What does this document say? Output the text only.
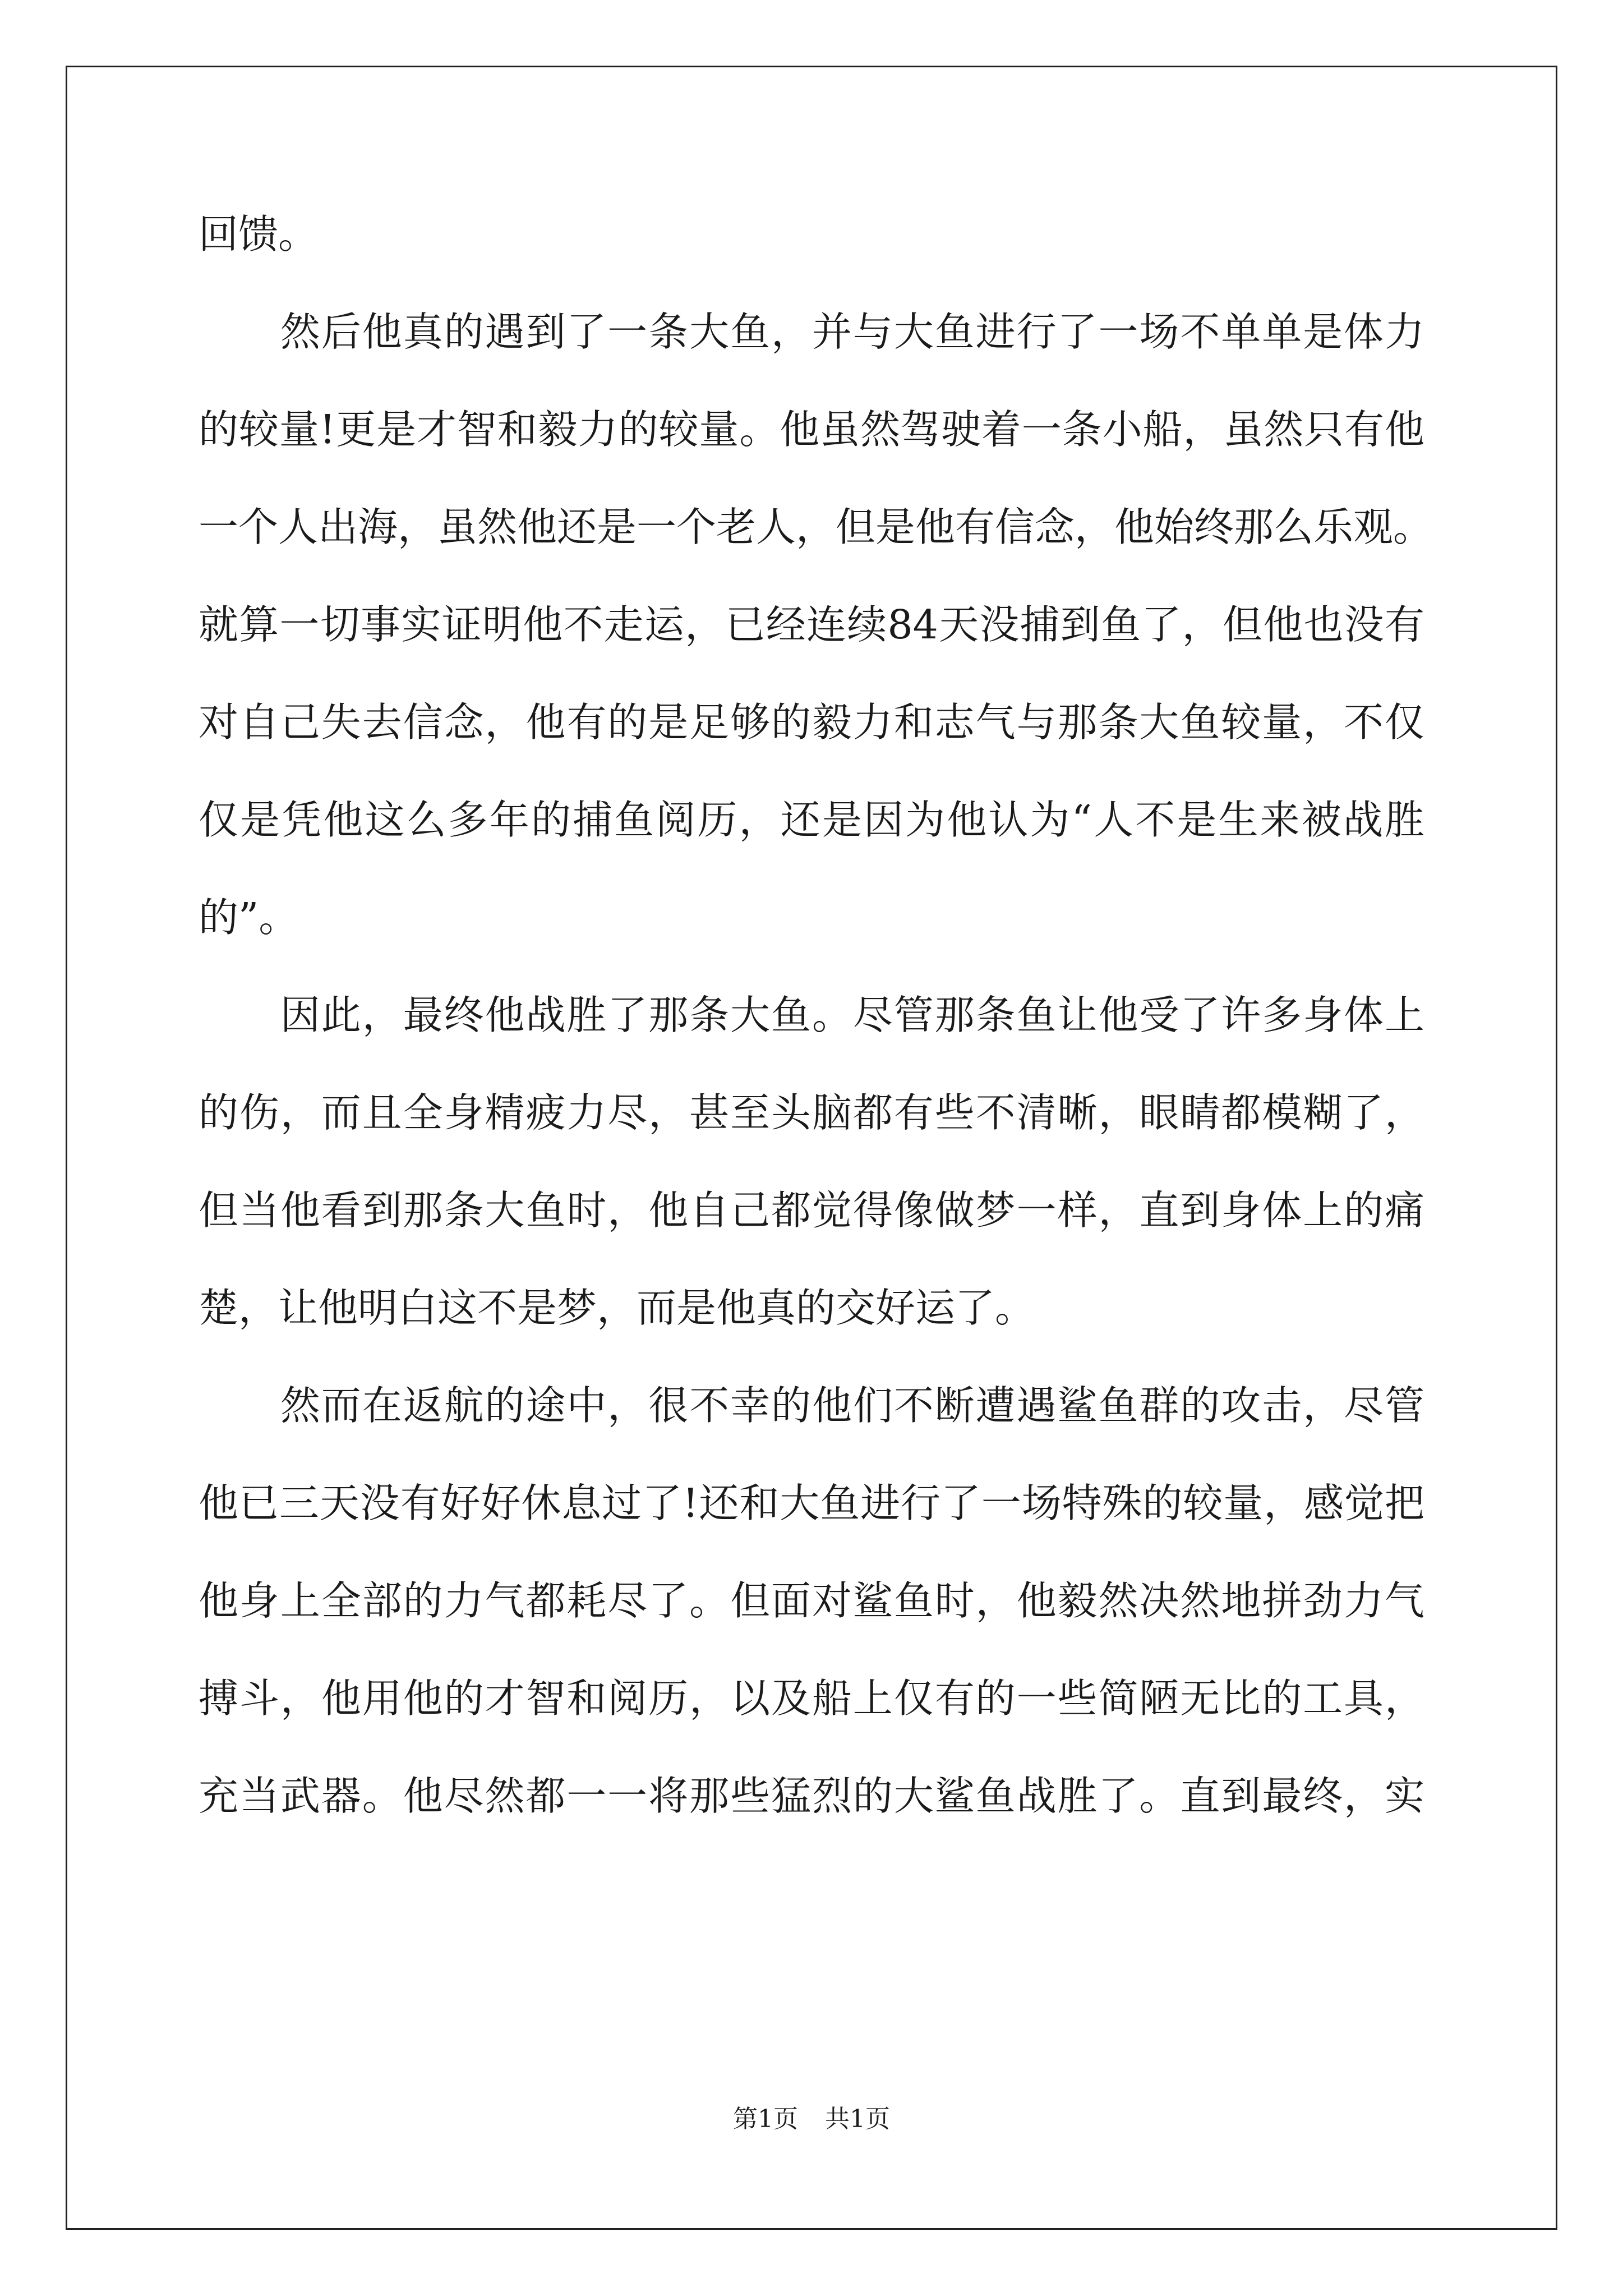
回馈。
　　然后他真的遇到了一条大鱼，并与大鱼进行了一场不单单是体力
的较量!更是才智和毅力的较量。他虽然驾驶着一条小船，虽然只有他
一个人出海，虽然他还是一个老人，但是他有信念，他始终那么乐观。
就算一切事实证明他不走运，已经连续84天没捕到鱼了，但他也没有
对自己失去信念，他有的是足够的毅力和志气与那条大鱼较量，不仅
仅是凭他这么多年的捕鱼阅历，还是因为他认为“人不是生来被战胜
的”。
　　因此，最终他战胜了那条大鱼。尽管那条鱼让他受了许多身体上
的伤，而且全身精疲力尽，甚至头脑都有些不清晰，眼睛都模糊了，
但当他看到那条大鱼时，他自己都觉得像做梦一样，直到身体上的痛
楚，让他明白这不是梦，而是他真的交好运了。
　　然而在返航的途中，很不幸的他们不断遭遇鲨鱼群的攻击，尽管
他已三天没有好好休息过了!还和大鱼进行了一场特殊的较量，感觉把
他身上全部的力气都耗尽了。但面对鲨鱼时，他毅然决然地拼劲力气
搏斗，他用他的才智和阅历，以及船上仅有的一些简陋无比的工具，
充当武器。他尽然都一一将那些猛烈的大鲨鱼战胜了。直到最终，实
第1页 共1页
